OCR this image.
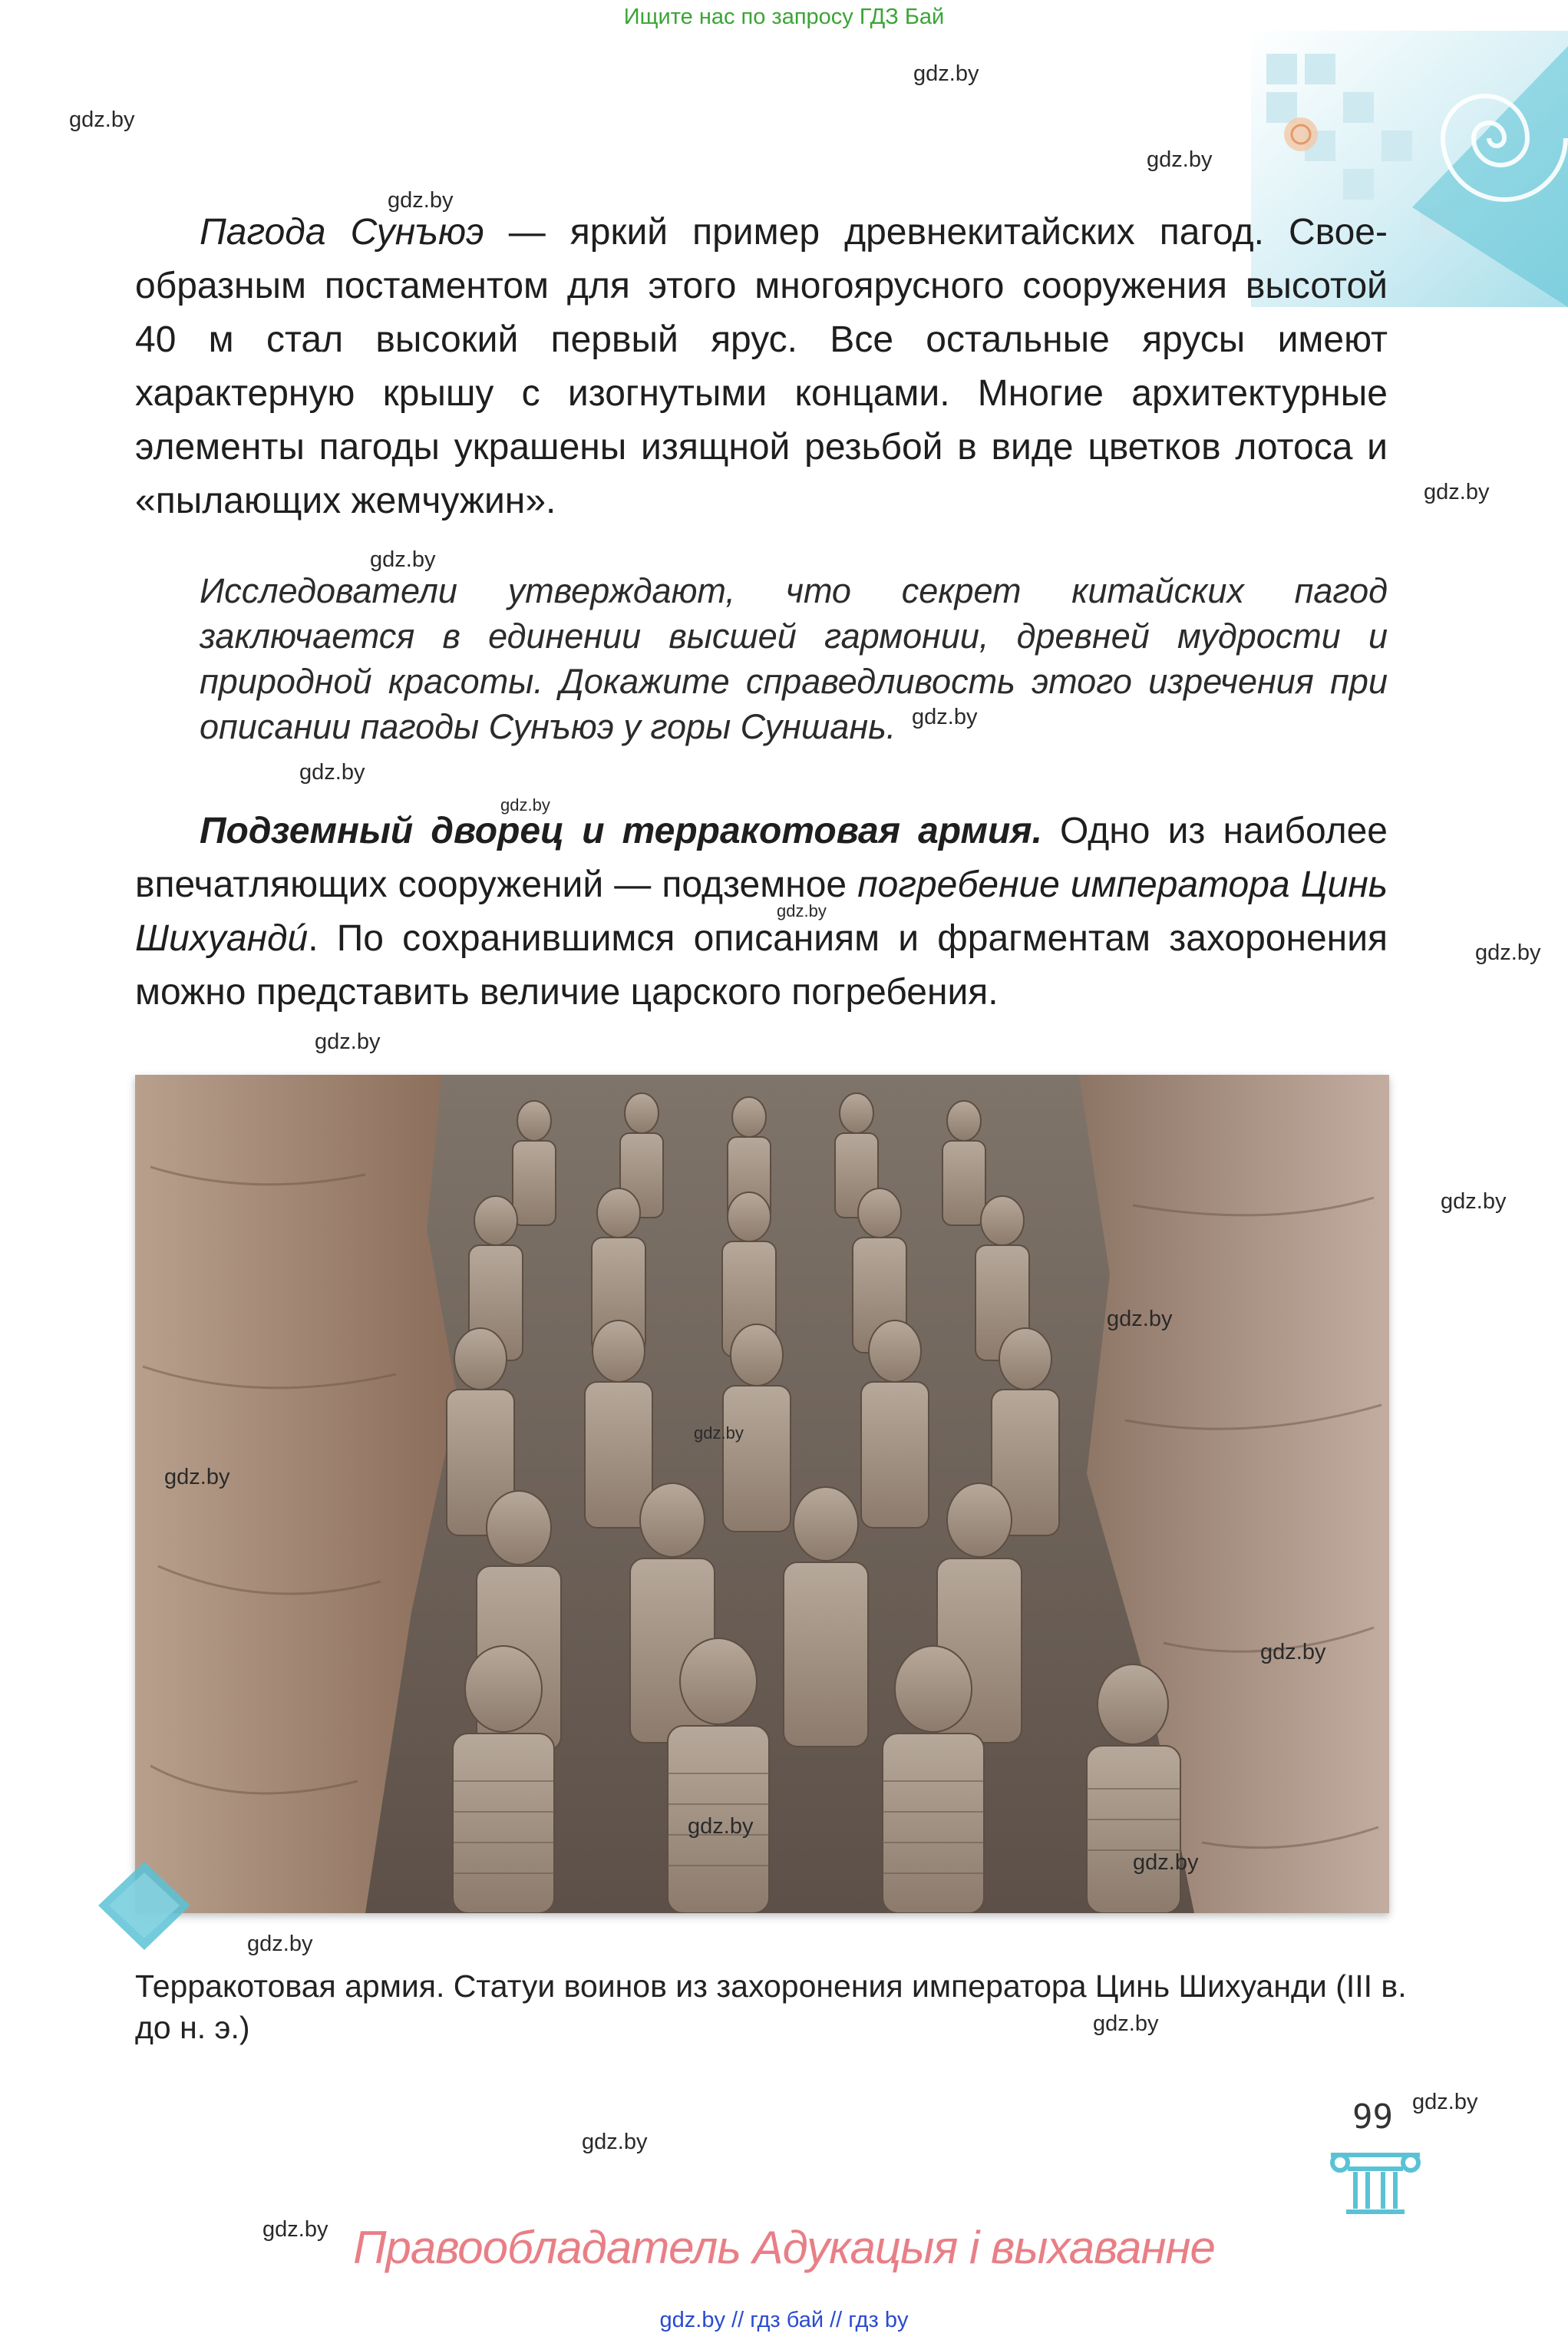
Ищите нас по запросу ГДЗ Бай
gdz.by
gdz.by
gdz.by
gdz.by
gdz.by
gdz.by
gdz.by
gdz.by
gdz.by
gdz.by
gdz.by
gdz.by
gdz.by
Пагода Сунъюэ — яркий пример древнекитайских пагод. Своеобразным постаментом для этого многоярусного сооружения высотой 40 м стал высокий первый ярус. Все остальные ярусы имеют характерную крышу с изогнутыми концами. Многие архитектурные элементы пагоды украшены изящной резьбой в виде цветков лотоса и «пылающих жемчужин».
Исследователи утверждают, что секрет китайских пагод заключается в единении высшей гармонии, древней мудрости и природной красоты. Докажите справедливость этого изречения при описании пагоды Сунъюэ у горы Суншань.
Подземный дворец и терракотовая армия. Одно из наиболее впечатляющих сооружений — подземное погребение императора Цинь Шихуандú. По сохранившимся описаниям и фрагментам захоронения можно представить величие царского погребения.
gdz.by
gdz.by
gdz.by
gdz.by
gdz.by
gdz.by
gdz.by
Терракотовая армия. Статуи воинов из захоронения императора Цинь Шихуанди (III в. до н. э.)	gdz.by
gdz.by
99
gdz.by
gdz.by Правообладатель Адукацыя і выхаванне
gdz.by // гдз бай // гдз by
